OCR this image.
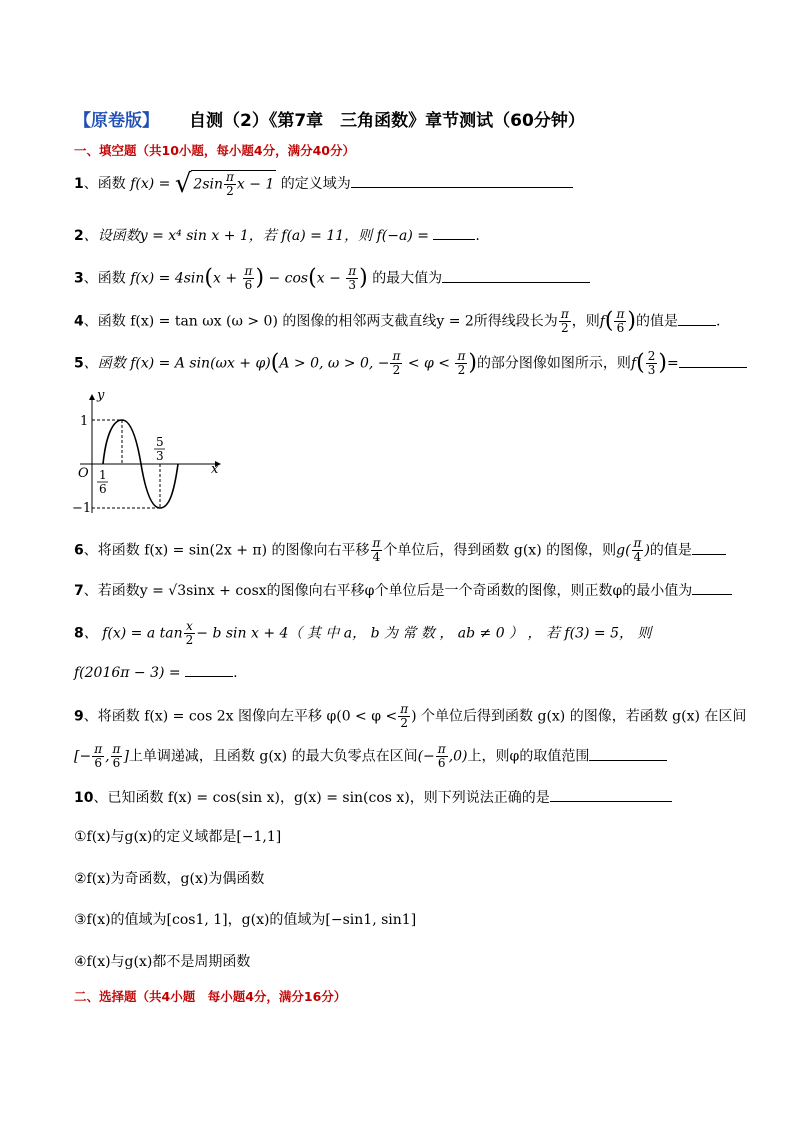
【原卷版】 自测（2）《第7章　三角函数》章节测试（60分钟）
一、填空题（共10小题，每小题4分，满分40分）
1、函数 f(x) = √ $2\sin \frac{\pi}{2}$ x − 1 的定义域为
2、设函数y = x⁴ sin x + 1，若 f(a) = 11，则 f(−a) =	.
3、函数 $f(x) = 4\sin(x + \frac{\pi}{6}$ ) − $\cos(x - \frac{\pi}{3}$ ) 的最大值为
4、函数 f(x) = tan ωx (ω > 0) 的图像的相邻两支截直线y = 2所得线段长为 $\frac{\pi}{2}$ ，则$f( \frac{\pi}{6}$ )的值是	.
5、函数 f(x) = A sin(ωx + φ)(A > 0, ω > 0, − $\frac{\pi}{2} < \varphi < \frac{\pi}{2}$ )的部分图像如图所示，则$f( \frac{2}{3}$ )=
y
x
O
1
−1
1
6
5
3
6、将函数 f(x) = sin(2x + π) 的图像向右平移 $\frac{\pi}{4}$ 个单位后，得到函数 g(x) 的图像，则$g( \frac{\pi}{4}$ )的值是
7、若函数y = √3sinx + cosx的图像向右平移φ个单位后是一个奇函数的图像，则正数φ的最小值为
8、 f(x) = a $\tan \frac{x}{2} - b$ sin x + 4（ 其 中 a， b 为 常 数 ， ab ≠ 0 ） ， 若 f(3) = 5， 则
f(2016π − 3) =	.
9、将函数 f(x) = cos 2x 图像向左平移 $\varphi(0 < \varphi < \frac{\pi}{2}$ ) 个单位后得到函数 g(x) 的图像，若函数 g(x) 在区间
[− $\frac{\pi}{6}$ , $\frac{\pi}{6}$ ]上单调递减，且函数 g(x) 的最大负零点在区间(− $\frac{\pi}{6} ,0$)上，则φ的取值范围
10、已知函数 f(x) = cos(sin x)，g(x) = sin(cos x)，则下列说法正确的是
①f(x)与g(x)的定义域都是[−1,1]
②f(x)为奇函数，g(x)为偶函数
③f(x)的值域为[cos1, 1]，g(x)的值域为[−sin1, sin1]
④f(x)与g(x)都不是周期函数
二、选择题（共4小题　每小题4分，满分16分）
